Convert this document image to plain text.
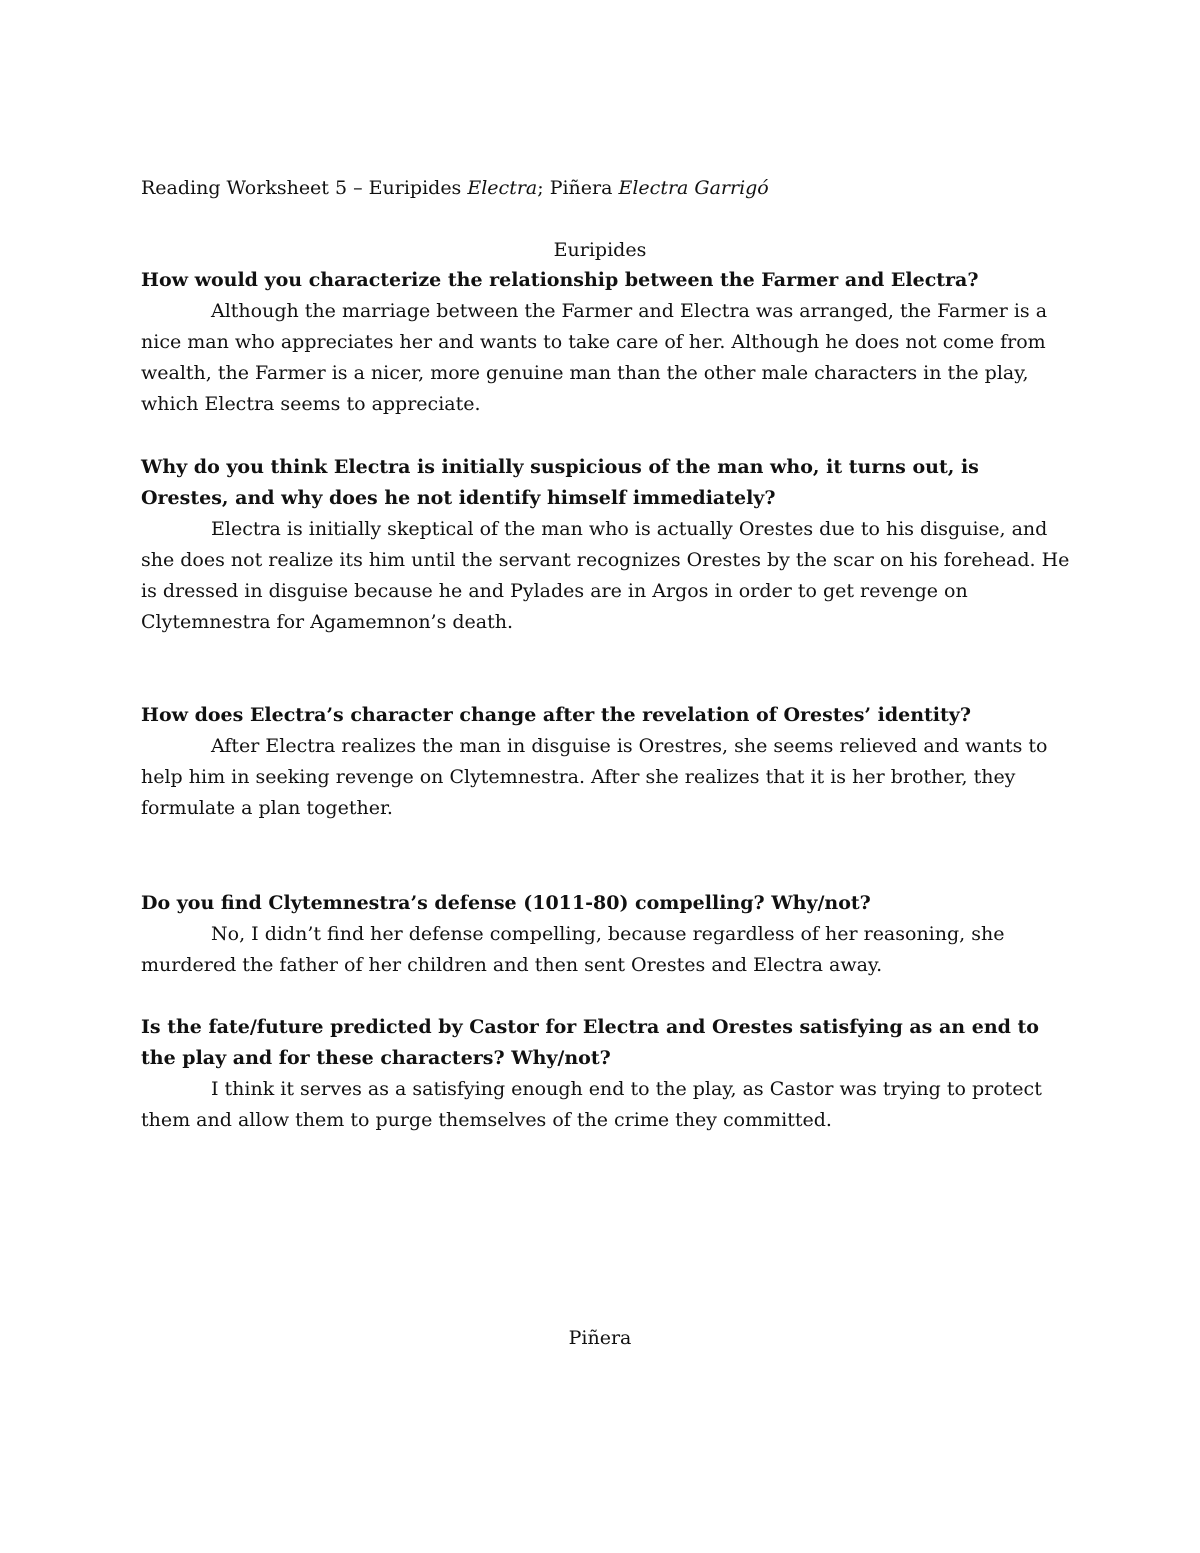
Reading Worksheet 5 – Euripides Electra; Piñera Electra Garrigó
Euripides

How would you characterize the relationship between the Farmer and Electra?

Although the marriage between the Farmer and Electra was arranged, the Farmer is a nice man who appreciates her and wants to take care of her. Although he does not come from wealth, the Farmer is a nicer, more genuine man than the other male characters in the play, which Electra seems to appreciate.

Why do you think Electra is initially suspicious of the man who, it turns out, is Orestes, and why does he not identify himself immediately?

Electra is initially skeptical of the man who is actually Orestes due to his disguise, and she does not realize its him until the servant recognizes Orestes by the scar on his forehead. He is dressed in disguise because he and Pylades are in Argos in order to get revenge on Clytemnestra for Agamemnon’s death.

How does Electra’s character change after the revelation of Orestes’ identity?

After Electra realizes the man in disguise is Orestres, she seems relieved and wants to help him in seeking revenge on Clytemnestra. After she realizes that it is her brother, they formulate a plan together.

Do you find Clytemnestra’s defense (1011-80) compelling? Why/not?

No, I didn’t find her defense compelling, because regardless of her reasoning, she murdered the father of her children and then sent Orestes and Electra away.

Is the fate/future predicted by Castor for Electra and Orestes satisfying as an end to the play and for these characters? Why/not?

I think it serves as a satisfying enough end to the play, as Castor was trying to protect them and allow them to purge themselves of the crime they committed.

Piñera
